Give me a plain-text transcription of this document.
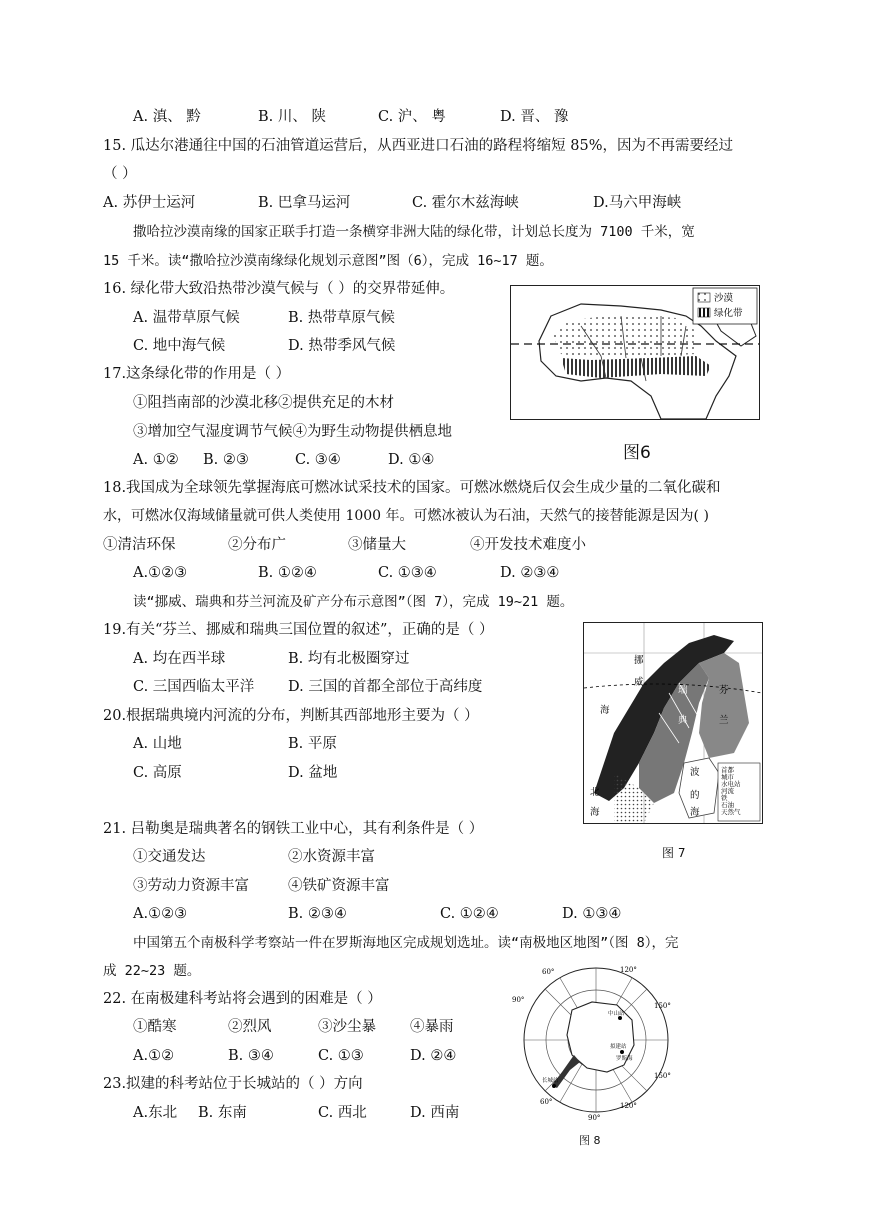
A. 滇、 黔	B. 川、 陕	C. 沪、 粤	D. 晋、 豫
15. 瓜达尔港通往中国的石油管道运营后，从西亚进口石油的路程将缩短 85%，因为不再需要经过
（ ）
A. 苏伊士运河	B. 巴拿马运河	C. 霍尔木兹海峡	D.马六甲海峡
撒哈拉沙漠南缘的国家正联手打造一条横穿非洲大陆的绿化带，计划总长度为 7100 千米，宽
15 千米。读“撒哈拉沙漠南缘绿化规划示意图”图（6），完成 16~17 题。
16. 绿化带大致沿热带沙漠气候与（ ）的交界带延伸。
A. 温带草原气候	B. 热带草原气候
C. 地中海气候	D. 热带季风气候
17.这条绿化带的作用是（ ）
①阻挡南部的沙漠北移②提供充足的木材
③增加空气湿度调节气候④为野生动物提供栖息地
A. ①② B. ②③	C. ③④	D. ①④
沙漠
绿化带
图6
18.我国成为全球领先掌握海底可燃冰试采技术的国家。可燃冰燃烧后仅会生成少量的二氧化碳和
水，可燃冰仅海域储量就可供人类使用 1000 年。可燃冰被认为石油，天然气的接替能源是因为( )
①清洁环保	②分布广	③储量大	④开发技术难度小
A.①②③	B. ①②④	C. ①③④	D. ②③④
读“挪威、瑞典和芬兰河流及矿产分布示意图”（图 7），完成 19~21 题。
19.有关“芬兰、挪威和瑞典三国位置的叙述”，正确的是（ ）
A. 均在西半球	B. 均有北极圈穿过
C. 三国西临太平洋 D. 三国的首都全部位于高纬度
20.根据瑞典境内河流的分布，判断其西部地形主要为（ ）
A. 山地	B. 平原
C. 高原	D. 盆地
挪
威
海
瑞
典
芬
兰
波
的
海
北
海
首都
城市
水电站
河流
铁
石油
天然气
图 7
21. 吕勒奥是瑞典著名的钢铁工业中心，其有利条件是（ ）
①交通发达	②水资源丰富
③劳动力资源丰富	④铁矿资源丰富
A.①②③	B. ②③④	C. ①②④	D. ①③④
中国第五个南极科学考察站一件在罗斯海地区完成规划选址。读“南极地区地图”（图 8），完
成 22~23 题。
22. 在南极建科考站将会遇到的困难是（ ）
①酷寒	②烈风	③沙尘暴 ④暴雨
A.①②	B. ③④	C. ①③	D. ②④
23.拟建的科考站位于长城站的（ ）方向
A.东北 B. 东南	C. 西北	D. 西南
60°
90°
120°
150°
150°
120°
90°
60°
长城站
中山站
拟建站
罗斯海
图 8
